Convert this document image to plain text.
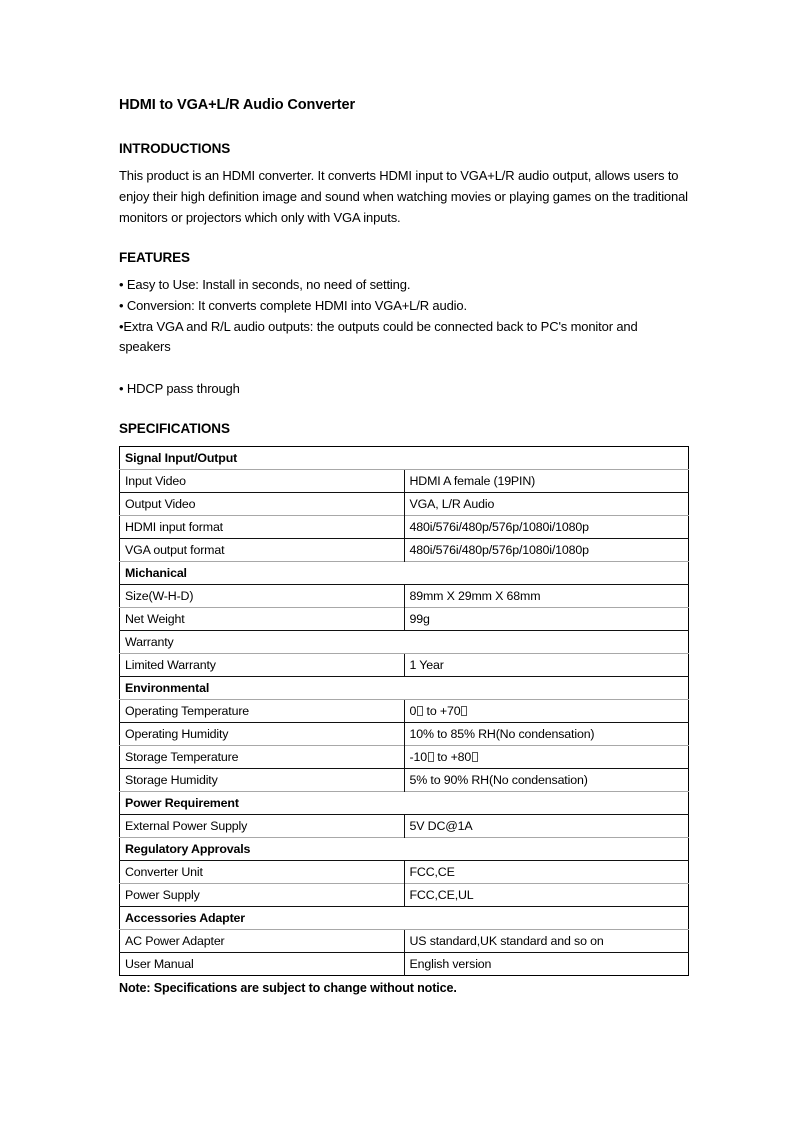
HDMI to VGA+L/R Audio Converter
INTRODUCTIONS

This product is an HDMI converter. It converts HDMI input to VGA+L/R audio output, allows users to enjoy their high definition image and sound when watching movies or playing games on the traditional monitors or projectors which only with VGA inputs.

FEATURES

• Easy to Use: Install in seconds, no need of setting.

• Conversion: It converts complete HDMI into VGA+L/R audio.

•Extra VGA and R/L audio outputs: the outputs could be connected back to PC's monitor and speakers

• HDCP pass through

SPECIFICATIONS
Signal Input/Output	
Input Video	HDMI A female (19PIN)
Output Video	VGA, L/R Audio
HDMI input format	480i/576i/480p/576p/1080i/1080p
VGA output format	480i/576i/480p/576p/1080i/1080p
Michanical	
Size(W-H-D)	89mm X 29mm X 68mm
Net Weight	99g
Warranty	
Limited Warranty	1 Year
Environmental	
Operating Temperature	0 to +70
Operating Humidity	10% to 85% RH(No condensation)
Storage Temperature	-10 to +80
Storage Humidity	5% to 90% RH(No condensation)
Power Requirement	
External Power Supply	5V DC@1A
Regulatory Approvals	
Converter Unit	FCC,CE
Power Supply	FCC,CE,UL
Accessories Adapter	
AC Power Adapter	US standard,UK standard and so on
User Manual	English version

Note: Specifications are subject to change without notice.
